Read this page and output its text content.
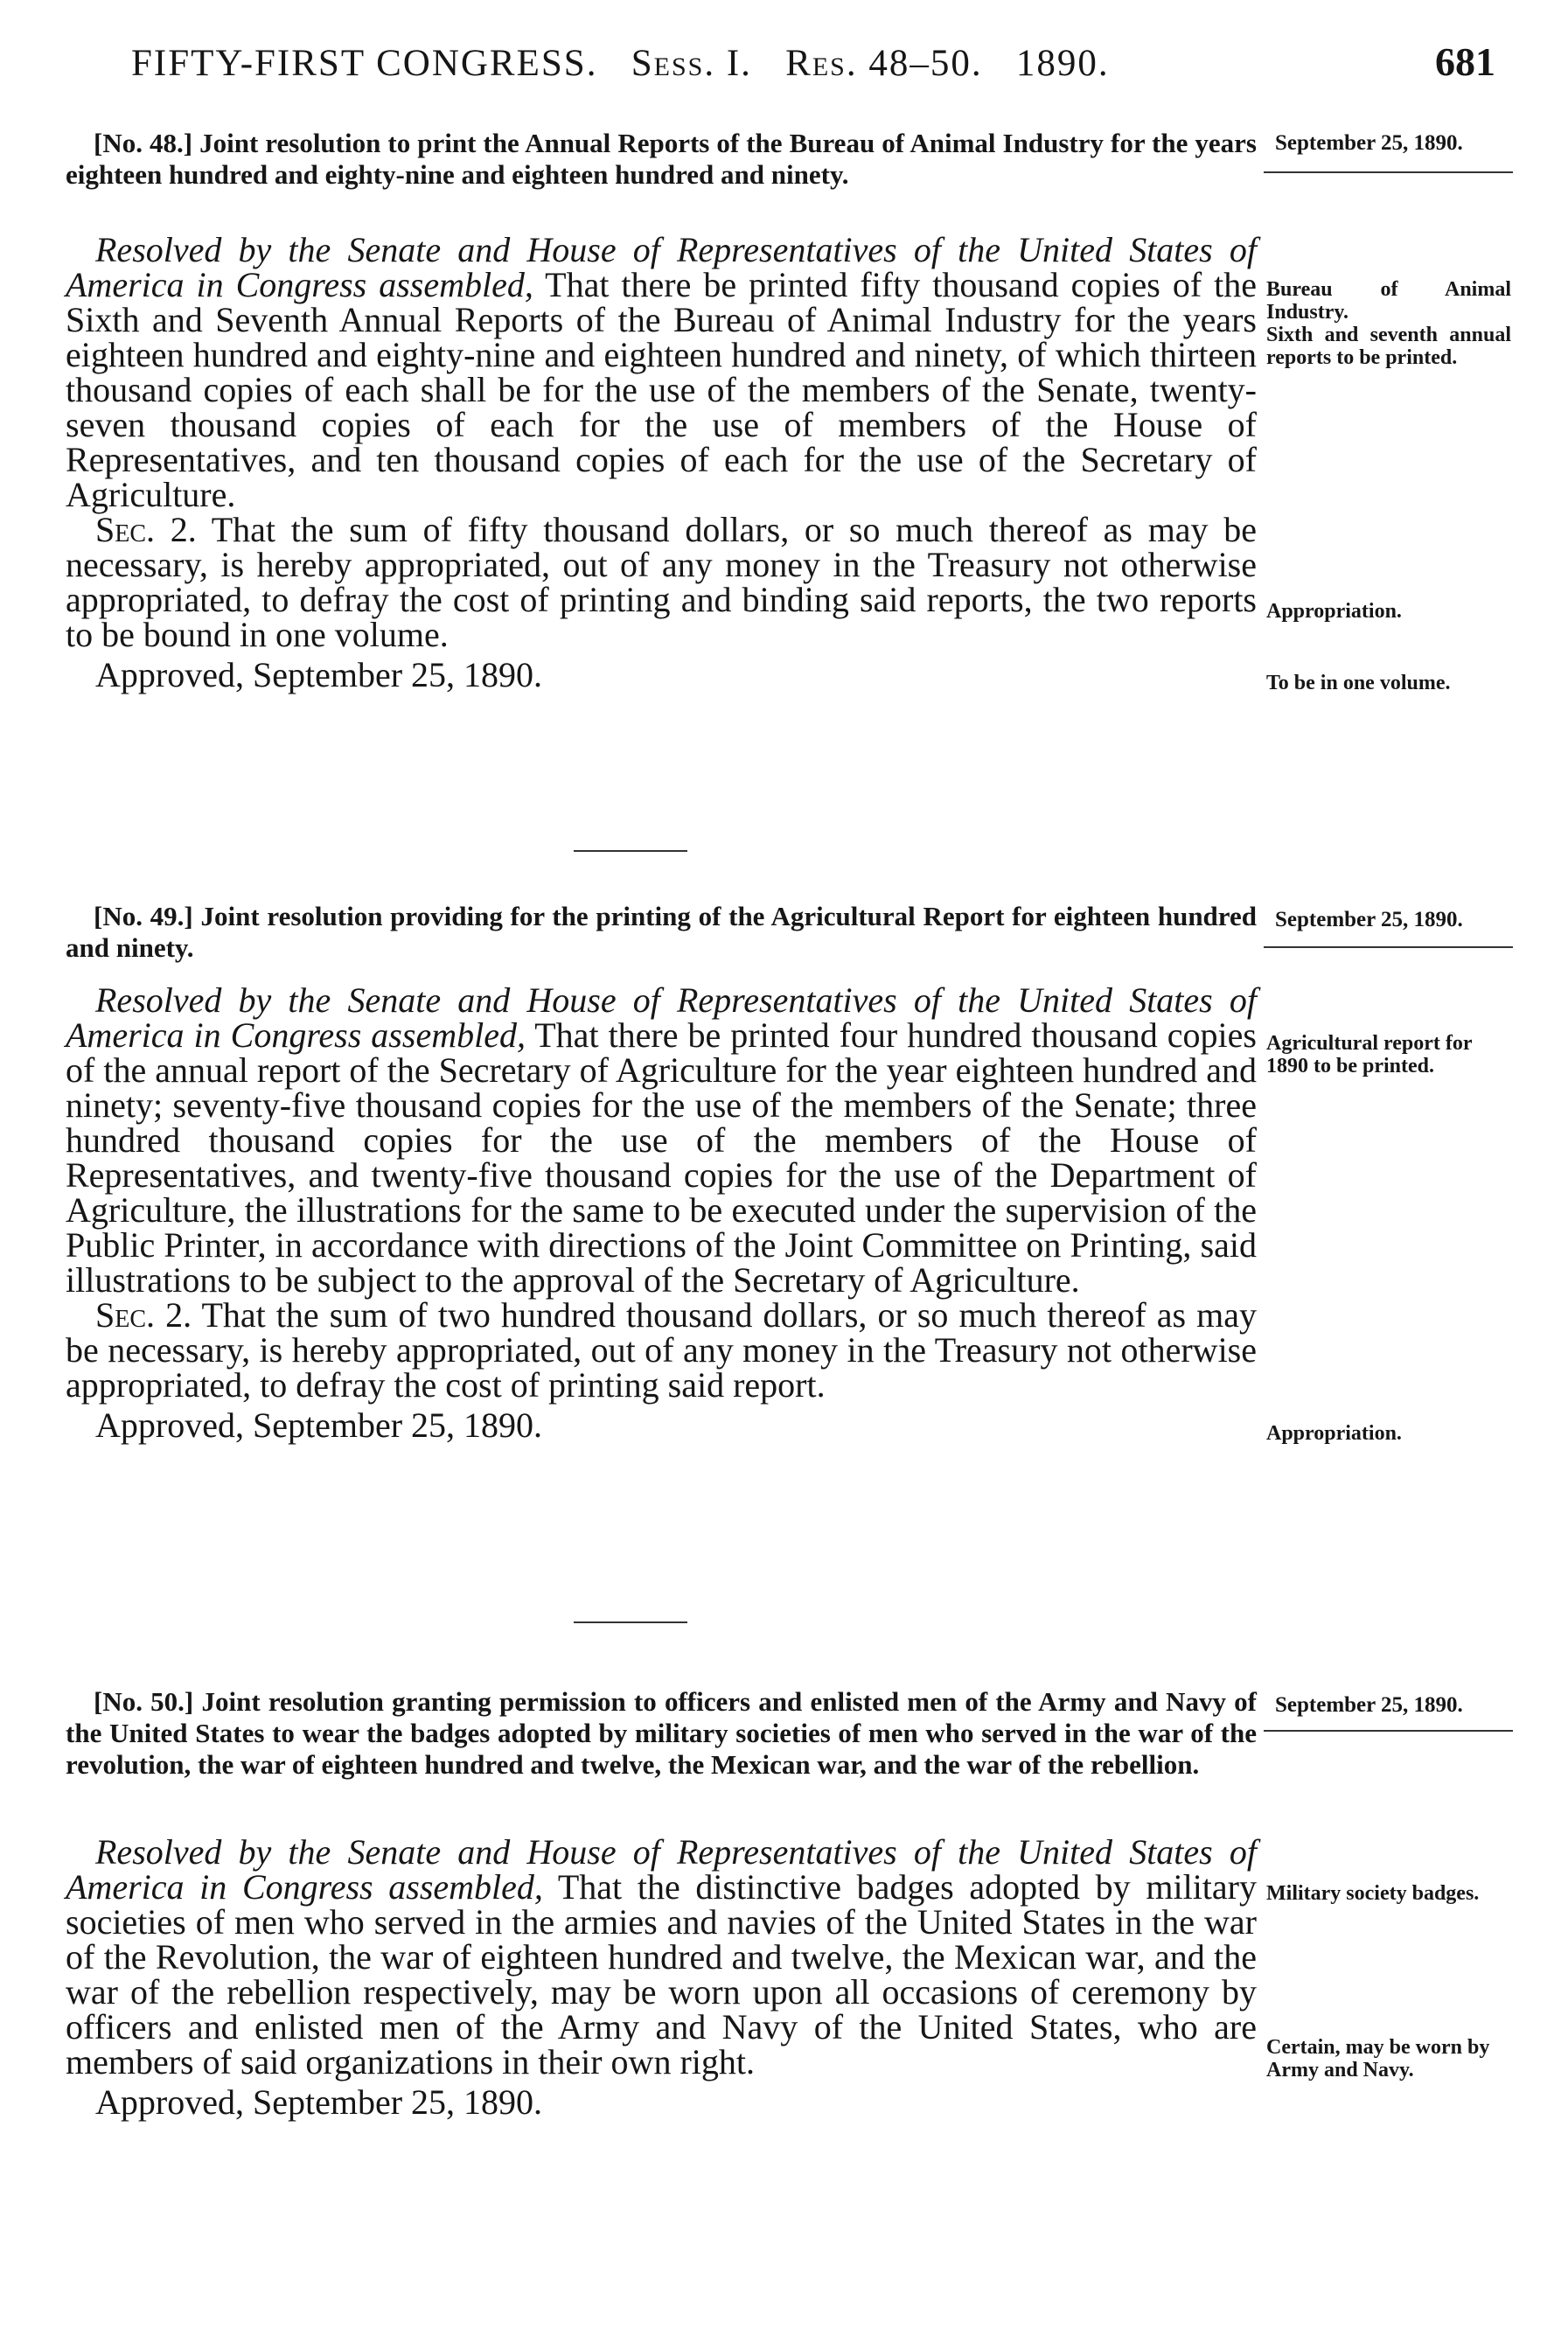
FIFTY-FIRST CONGRESS. Sess. I. Res. 48–50. 1890.	681
[No. 48.] Joint resolution to print the Annual Reports of the Bureau of Animal Industry for the years eighteen hundred and eighty-nine and eighteen hundred and ninety.
September 25, 1890.

Resolved by the Senate and House of Representatives of the United States of America in Congress assembled, That there be printed fifty thousand copies of the Sixth and Seventh Annual Reports of the Bureau of Animal Industry for the years eighteen hundred and eighty-nine and eighteen hundred and ninety, of which thirteen thousand copies of each shall be for the use of the members of the Senate, twenty-seven thousand copies of each for the use of members of the House of Representatives, and ten thousand copies of each for the use of the Secretary of Agriculture.

Sec. 2. That the sum of fifty thousand dollars, or so much thereof as may be necessary, is hereby appropriated, out of any money in the Treasury not otherwise appropriated, to defray the cost of printing and binding said reports, the two reports to be bound in one volume.

Approved, September 25, 1890.

Bureau of Animal Industry.
Sixth and seventh annual reports to be printed.
Appropriation.
To be in one volume.
[No. 49.] Joint resolution providing for the printing of the Agricultural Report for eighteen hundred and ninety.
September 25, 1890.

Resolved by the Senate and House of Representatives of the United States of America in Congress assembled, That there be printed four hundred thousand copies of the annual report of the Secretary of Agriculture for the year eighteen hundred and ninety; seventy-five thousand copies for the use of the members of the Senate; three hundred thousand copies for the use of the members of the House of Representatives, and twenty-five thousand copies for the use of the Department of Agriculture, the illustrations for the same to be executed under the supervision of the Public Printer, in accordance with directions of the Joint Committee on Printing, said illustrations to be subject to the approval of the Secretary of Agriculture.

Sec. 2. That the sum of two hundred thousand dollars, or so much thereof as may be necessary, is hereby appropriated, out of any money in the Treasury not otherwise appropriated, to defray the cost of printing said report.

Approved, September 25, 1890.

Agricultural report for 1890 to be printed.
Appropriation.
[No. 50.] Joint resolution granting permission to officers and enlisted men of the Army and Navy of the United States to wear the badges adopted by military societies of men who served in the war of the revolution, the war of eighteen hundred and twelve, the Mexican war, and the war of the rebellion.
September 25, 1890.

Resolved by the Senate and House of Representatives of the United States of America in Congress assembled, That the distinctive badges adopted by military societies of men who served in the armies and navies of the United States in the war of the Revolution, the war of eighteen hundred and twelve, the Mexican war, and the war of the rebellion respectively, may be worn upon all occasions of ceremony by officers and enlisted men of the Army and Navy of the United States, who are members of said organizations in their own right.

Approved, September 25, 1890.

Military society badges.
Certain, may be worn by Army and Navy.
